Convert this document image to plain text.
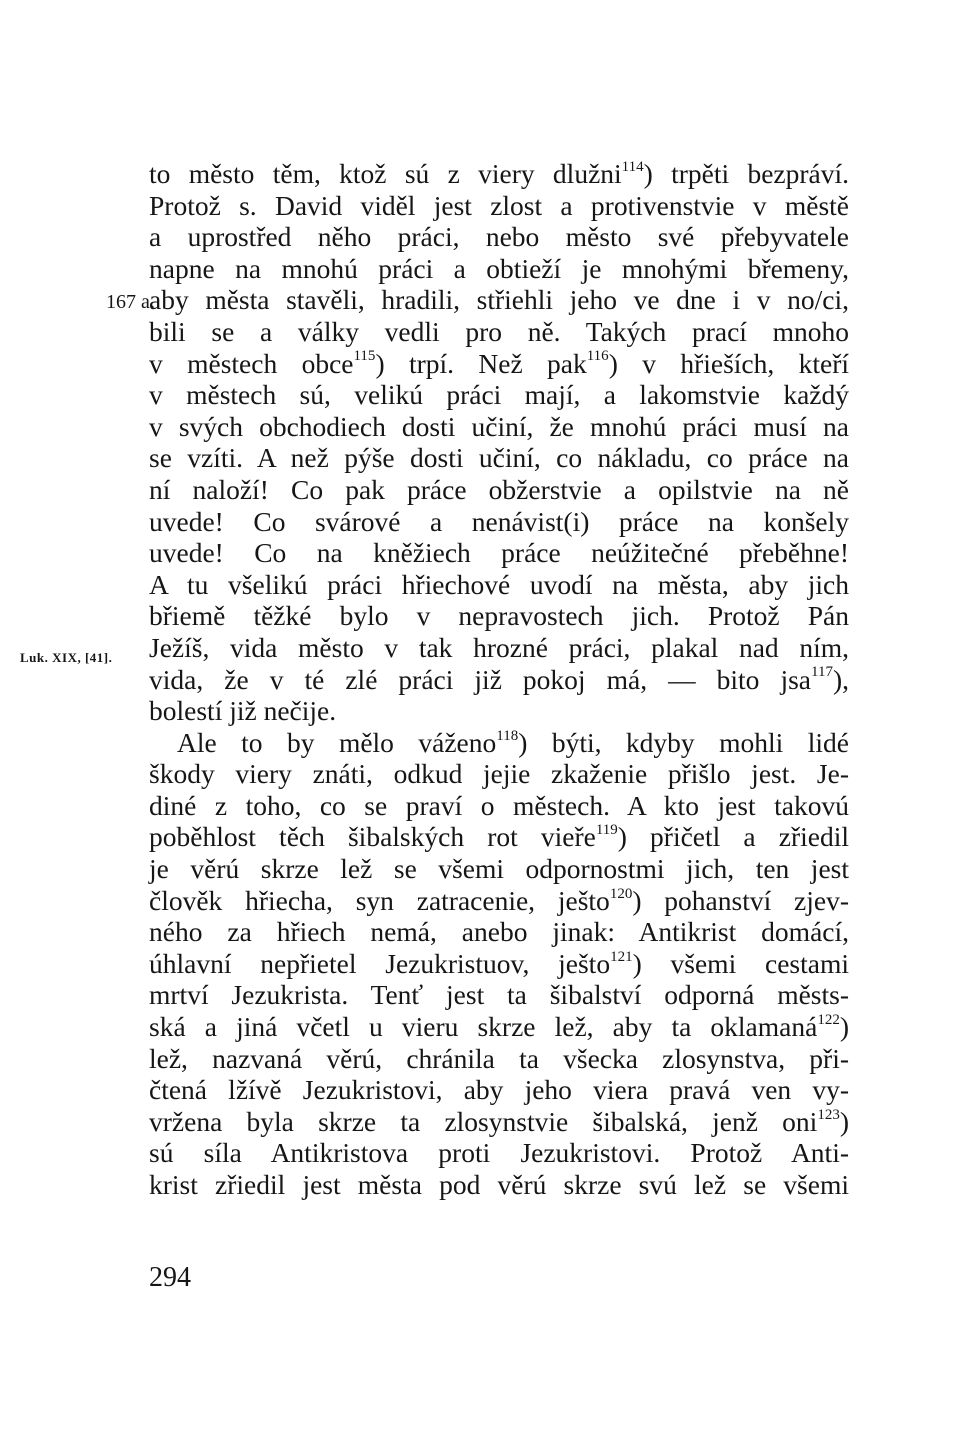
to město těm, ktož sú z viery dlužni$^{114}$) trpěti bezpráví.
Protož s. David viděl jest zlost a protivenstvie v městě
a uprostřed něho práci, nebo město své přebyvatele
napne na mnohú práci a obtieží je mnohými břemeny,
aby města stavěli, hradili, střiehli jeho ve dne i v no/ci,
bili se a války vedli pro ně. Takých prací mnoho
v městech obce$^{115}$) trpí. Než pak$^{116}$) v hřieších, kteří
v městech sú, velikú práci mají, a lakomstvie každý
v svých obchodiech dosti učiní, že mnohú práci musí na
se vzíti. A než pýše dosti učiní, co nákladu, co práce na
ní naloží! Co pak práce obžerstvie a opilstvie na ně
uvede! Co svárové a nenávist(i) práce na konšely
uvede! Co na kněžiech práce neúžitečné přeběhne!
A tu všelikú práci hřiechové uvodí na města, aby jich
břiemě těžké bylo v nepravostech jich. Protož Pán
Ježíš, vida město v tak hrozné práci, plakal nad ním,
vida, že v té zlé práci již pokoj má, — bito jsa$^{117}$),
bolestí již nečije.
Ale to by mělo váženo$^{118}$) býti, kdyby mohli lidé
škody viery znáti, odkud jejie zkaženie přišlo jest. Je-
diné z toho, co se praví o městech. A kto jest takovú
poběhlost těch šibalských rot vieře$^{119}$) přičetl a zřiedil
je věrú skrze lež se všemi odpornostmi jich, ten jest
člověk hřiecha, syn zatracenie, ješto$^{120}$) pohanství zjev-
ného za hřiech nemá, anebo jinak: Antikrist domácí,
úhlavní nepřietel Jezukristuov, ješto$^{121}$) všemi cestami
mrtví Jezukrista. Tenť jest ta šibalství odporná městs-
ská a jiná včetl u vieru skrze lež, aby ta oklamaná$^{122}$)
lež, nazvaná věrú, chránila ta všecka zlosynstva, při-
čtená lžívě Jezukristovi, aby jeho viera pravá ven vy-
vržena byla skrze ta zlosynstvie šibalská, jenž oni$^{123}$)
sú síla Antikristova proti Jezukristovi. Protož Anti-
krist zřiedil jest města pod věrú skrze svú lež se všemi
167 a.
Luk. XIX, [41].
294
